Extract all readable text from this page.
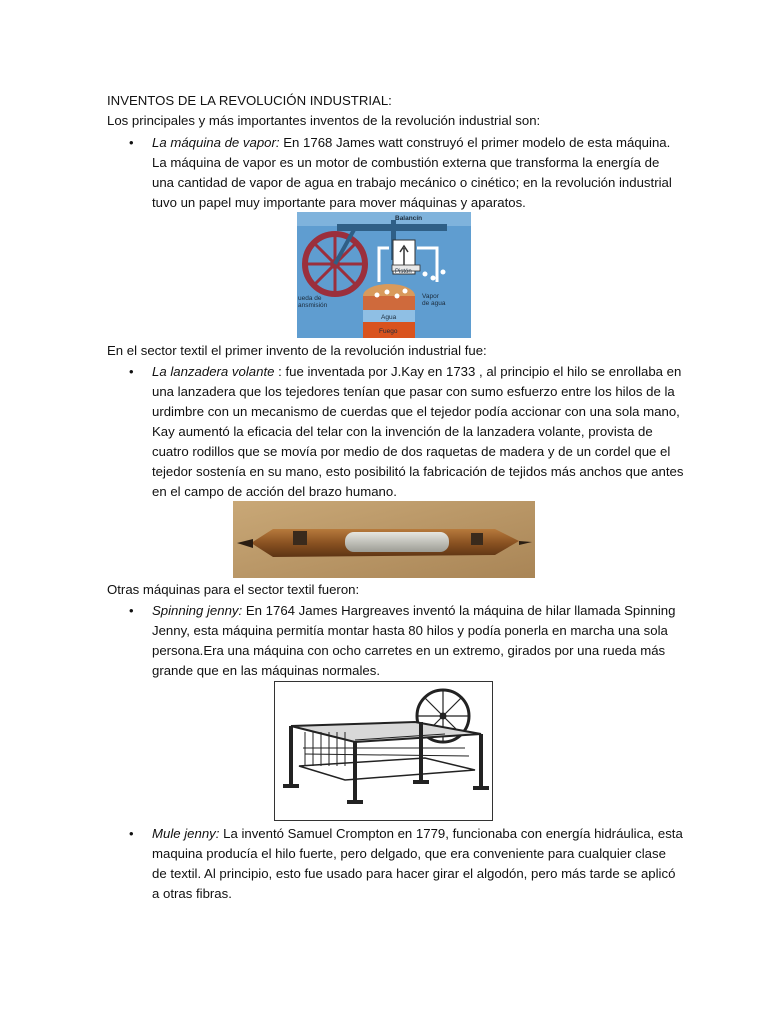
INVENTOS DE LA REVOLUCIÓN INDUSTRIAL:
Los principales y más importantes inventos de la revolución industrial son:
• La máquina de vapor: En 1768 James watt construyó el primer modelo de esta máquina.
La máquina de vapor es un motor de combustión externa que transforma la energía de
una cantidad de vapor de agua en trabajo mecánico o cinético; en la revolución industrial
tuvo un papel muy importante para mover máquinas y aparatos.
Balancín
Pistón
ueda de
ansmisión
Vapor
de agua
Agua
Fuego
En el sector textil el primer invento de la revolución industrial fue:
• La lanzadera volante : fue inventada por J.Kay en 1733 , al principio el hilo se enrollaba en
una lanzadera que los tejedores tenían que pasar con sumo esfuerzo entre los hilos de la
urdimbre con un mecanismo de cuerdas que el tejedor podía accionar con una sola mano,
Kay aumentó la eficacia del telar con la invención de la lanzadera volante, provista de
cuatro rodillos que se movía por medio de dos raquetas de madera y de un cordel que el
tejedor sostenía en su mano, esto posibilitó la fabricación de tejidos más anchos que antes
en el campo de acción del brazo humano.
Otras máquinas para el sector textil fueron:
• Spinning jenny: En 1764 James Hargreaves inventó la máquina de hilar llamada Spinning
Jenny, esta máquina permitía montar hasta 80 hilos y podía ponerla en marcha una sola
persona.Era una máquina con ocho carretes en un extremo, girados por una rueda más
grande que en las máquinas normales.
• Mule jenny: La inventó Samuel Crompton en 1779, funcionaba con energía hidráulica, esta
maquina producía el hilo fuerte, pero delgado, que era conveniente para cualquier clase
de textil. Al principio, esto fue usado para hacer girar el algodón, pero más tarde se aplicó
a otras fibras.
